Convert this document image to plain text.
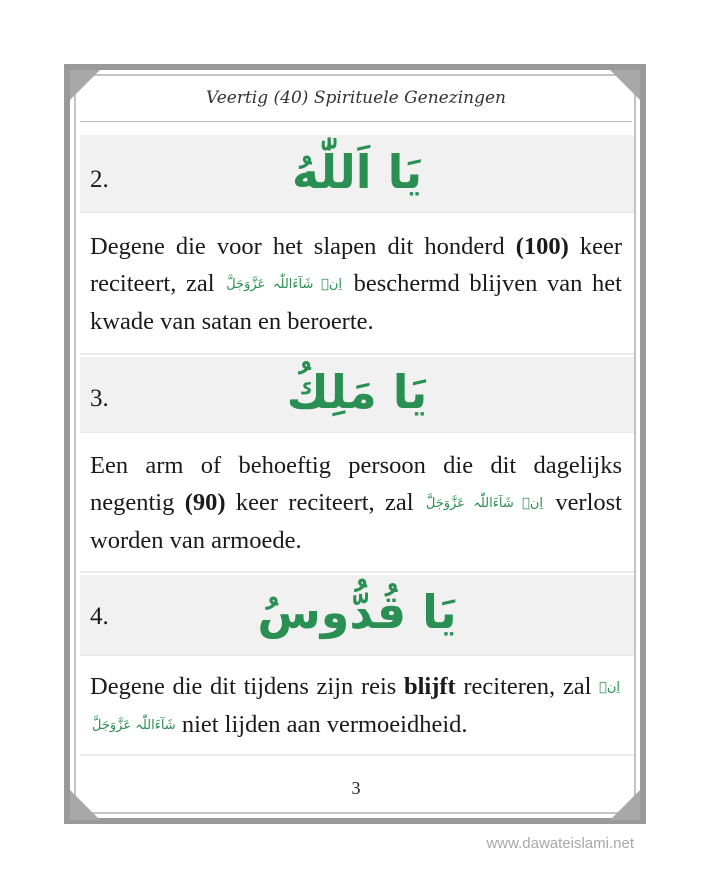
Veertig (40) Spirituele Genezingen
2.	يَا اَللّٰهُ

Degene die voor het slapen dit honderd (100) keer reciteert, zal اِنۡ شَآءَاللّٰہ عَزَّوَجَلَّ beschermd blijven van het kwade van satan en beroerte.

3.	يَا مَلِكُ

Een arm of behoeftig persoon die dit dagelijks negentig (90) keer reciteert, zal اِنۡ شَآءَاللّٰہ عَزَّوَجَلَّ verlost worden van armoede.

4.	يَا قُدُّوسُ

Degene die dit tijdens zijn reis blijft reciteren, zal اِنۡ شَآءَاللّٰہ عَزَّوَجَلَّ niet lijden aan vermoeidheid.

3
www.dawateislami.net
